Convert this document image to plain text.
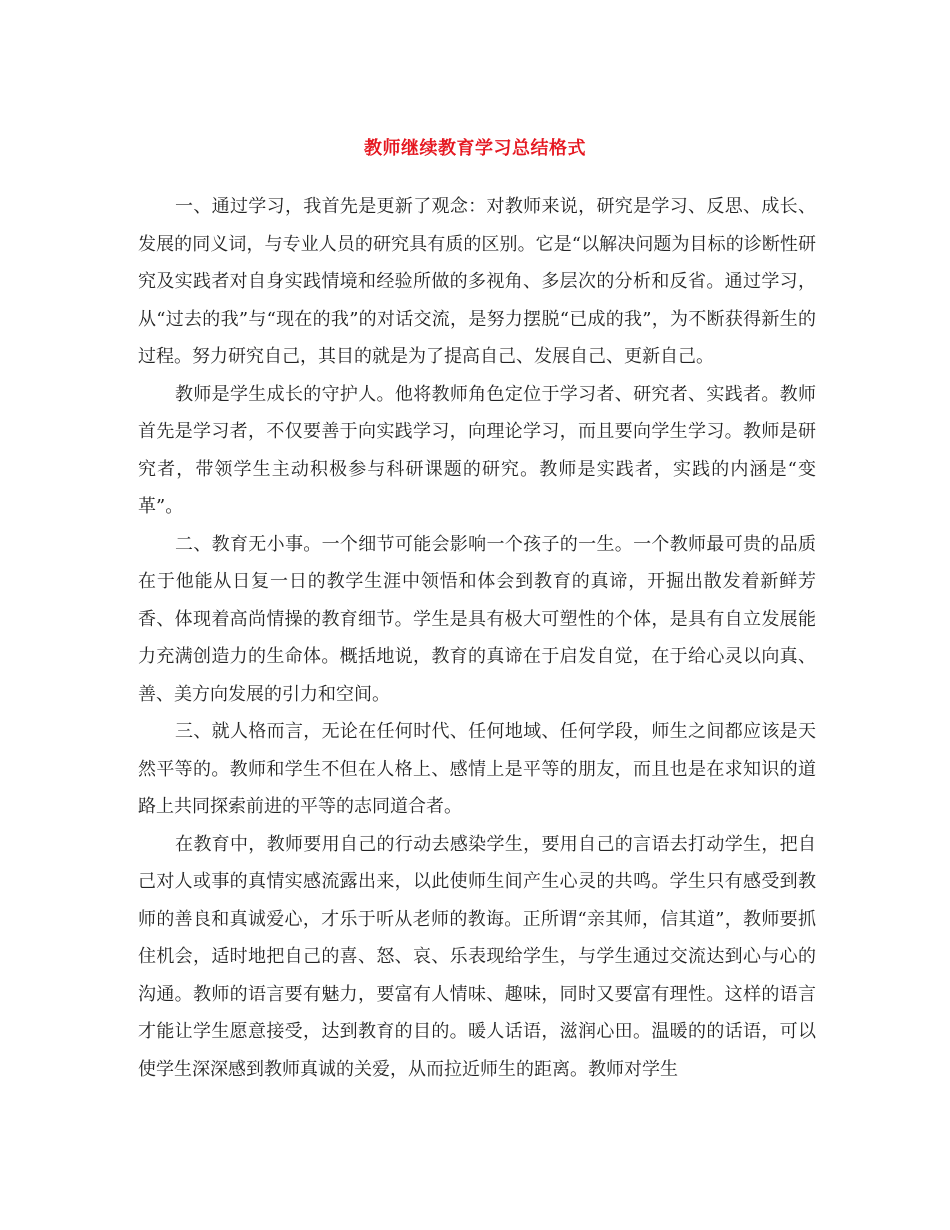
教师继续教育学习总结格式

一、通过学习，我首先是更新了观念：对教师来说，研究是学习、反思、成长、发展的同义词，与专业人员的研究具有质的区别。它是“以解决问题为目标的诊断性研究及实践者对自身实践情境和经验所做的多视角、多层次的分析和反省。通过学习，从“过去的我”与“现在的我”的对话交流，是努力摆脱“已成的我”，为不断获得新生的过程。努力研究自己，其目的就是为了提高自己、发展自己、更新自己。

教师是学生成长的守护人。他将教师角色定位于学习者、研究者、实践者。教师首先是学习者，不仅要善于向实践学习，向理论学习，而且要向学生学习。教师是研究者，带领学生主动积极参与科研课题的研究。教师是实践者，实践的内涵是“变革”。

二、教育无小事。一个细节可能会影响一个孩子的一生。一个教师最可贵的品质在于他能从日复一日的教学生涯中领悟和体会到教育的真谛，开掘出散发着新鲜芳香、体现着高尚情操的教育细节。学生是具有极大可塑性的个体，是具有自立发展能力充满创造力的生命体。概括地说，教育的真谛在于启发自觉，在于给心灵以向真、善、美方向发展的引力和空间。

三、就人格而言，无论在任何时代、任何地域、任何学段，师生之间都应该是天然平等的。教师和学生不但在人格上、感情上是平等的朋友，而且也是在求知识的道路上共同探索前进的平等的志同道合者。

在教育中，教师要用自己的行动去感染学生，要用自己的言语去打动学生，把自己对人或事的真情实感流露出来，以此使师生间产生心灵的共鸣。学生只有感受到教师的善良和真诚爱心，才乐于听从老师的教诲。正所谓“亲其师，信其道”，教师要抓住机会，适时地把自己的喜、怒、哀、乐表现给学生，与学生通过交流达到心与心的沟通。教师的语言要有魅力，要富有人情味、趣味，同时又要富有理性。这样的语言才能让学生愿意接受，达到教育的目的。暖人话语，滋润心田。温暖的的话语，可以使学生深深感到教师真诚的关爱，从而拉近师生的距离。教师对学生
